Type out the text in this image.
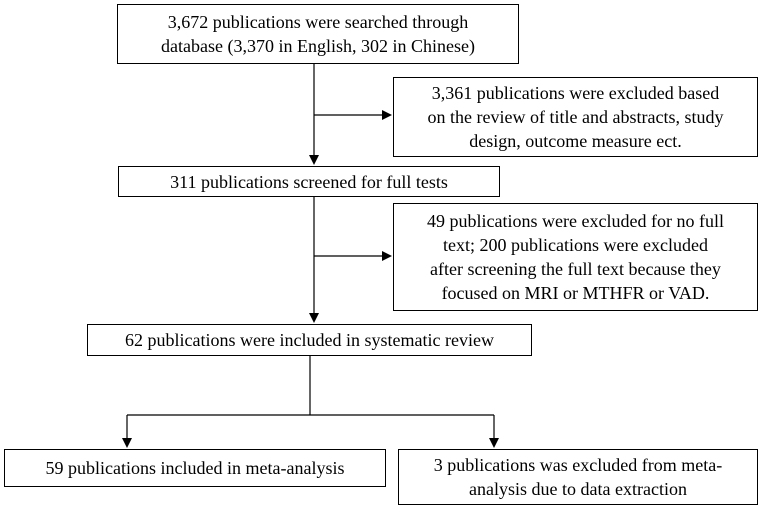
3,672 publications were searched through
database (3,370 in English, 302 in Chinese)
3,361 publications were excluded based
on the review of title and abstracts, study
design, outcome measure ect.
311 publications screened for full tests
49 publications were excluded for no full
text; 200 publications were excluded
after screening the full text because they
focused on MRI or MTHFR or VAD.
62 publications were included in systematic review
59 publications included in meta-analysis	3 publications was excluded from meta-
analysis due to data extraction
